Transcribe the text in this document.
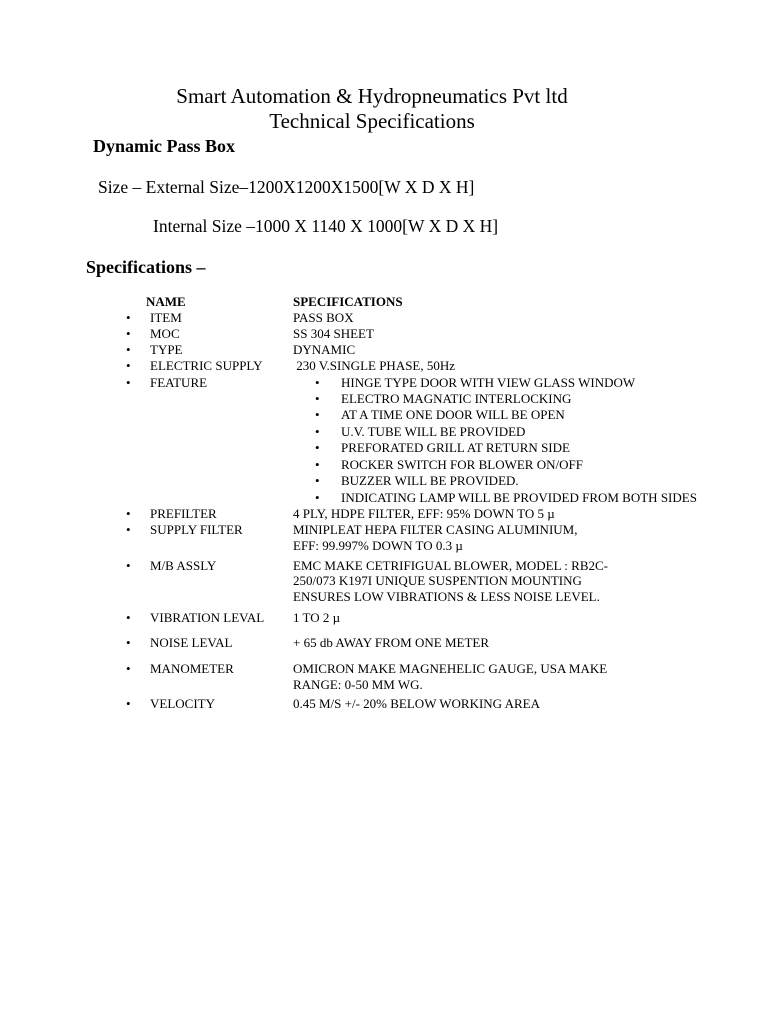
Smart Automation & Hydropneumatics Pvt ltd
Technical Specifications
Dynamic Pass Box
Size – External Size–1200X1200X1500[W X D X H]
Internal Size –1000 X 1140 X 1000[W X D X H]
Specifications –
NAME	SPECIFICATIONS
• ITEM	PASS BOX
• MOC	SS 304 SHEET
• TYPE	DYNAMIC
• ELECTRIC SUPPLY 230 V.SINGLE PHASE, 50Hz
• FEATURE	• HINGE TYPE DOOR WITH VIEW GLASS WINDOW
• ELECTRO MAGNATIC INTERLOCKING
• AT A TIME ONE DOOR WILL BE OPEN
• U.V. TUBE WILL BE PROVIDED
• PREFORATED GRILL AT RETURN SIDE
• ROCKER SWITCH FOR BLOWER ON/OFF
• BUZZER WILL BE PROVIDED.
• INDICATING LAMP WILL BE PROVIDED FROM BOTH SIDES
• PREFILTER	4 PLY, HDPE FILTER, EFF: 95% DOWN TO 5 µ
• SUPPLY FILTER	MINIPLEAT HEPA FILTER CASING ALUMINIUM,
EFF: 99.997% DOWN TO 0.3 µ
• M/B ASSLY	EMC MAKE CETRIFIGUAL BLOWER, MODEL : RB2C-
250/073 K197I UNIQUE SUSPENTION MOUNTING
ENSURES LOW VIBRATIONS & LESS NOISE LEVEL.
• VIBRATION LEVAL 1 TO 2 µ
• NOISE LEVAL	+ 65 db AWAY FROM ONE METER
• MANOMETER	OMICRON MAKE MAGNEHELIC GAUGE, USA MAKE
RANGE: 0-50 MM WG.
• VELOCITY	0.45 M/S +/- 20% BELOW WORKING AREA
